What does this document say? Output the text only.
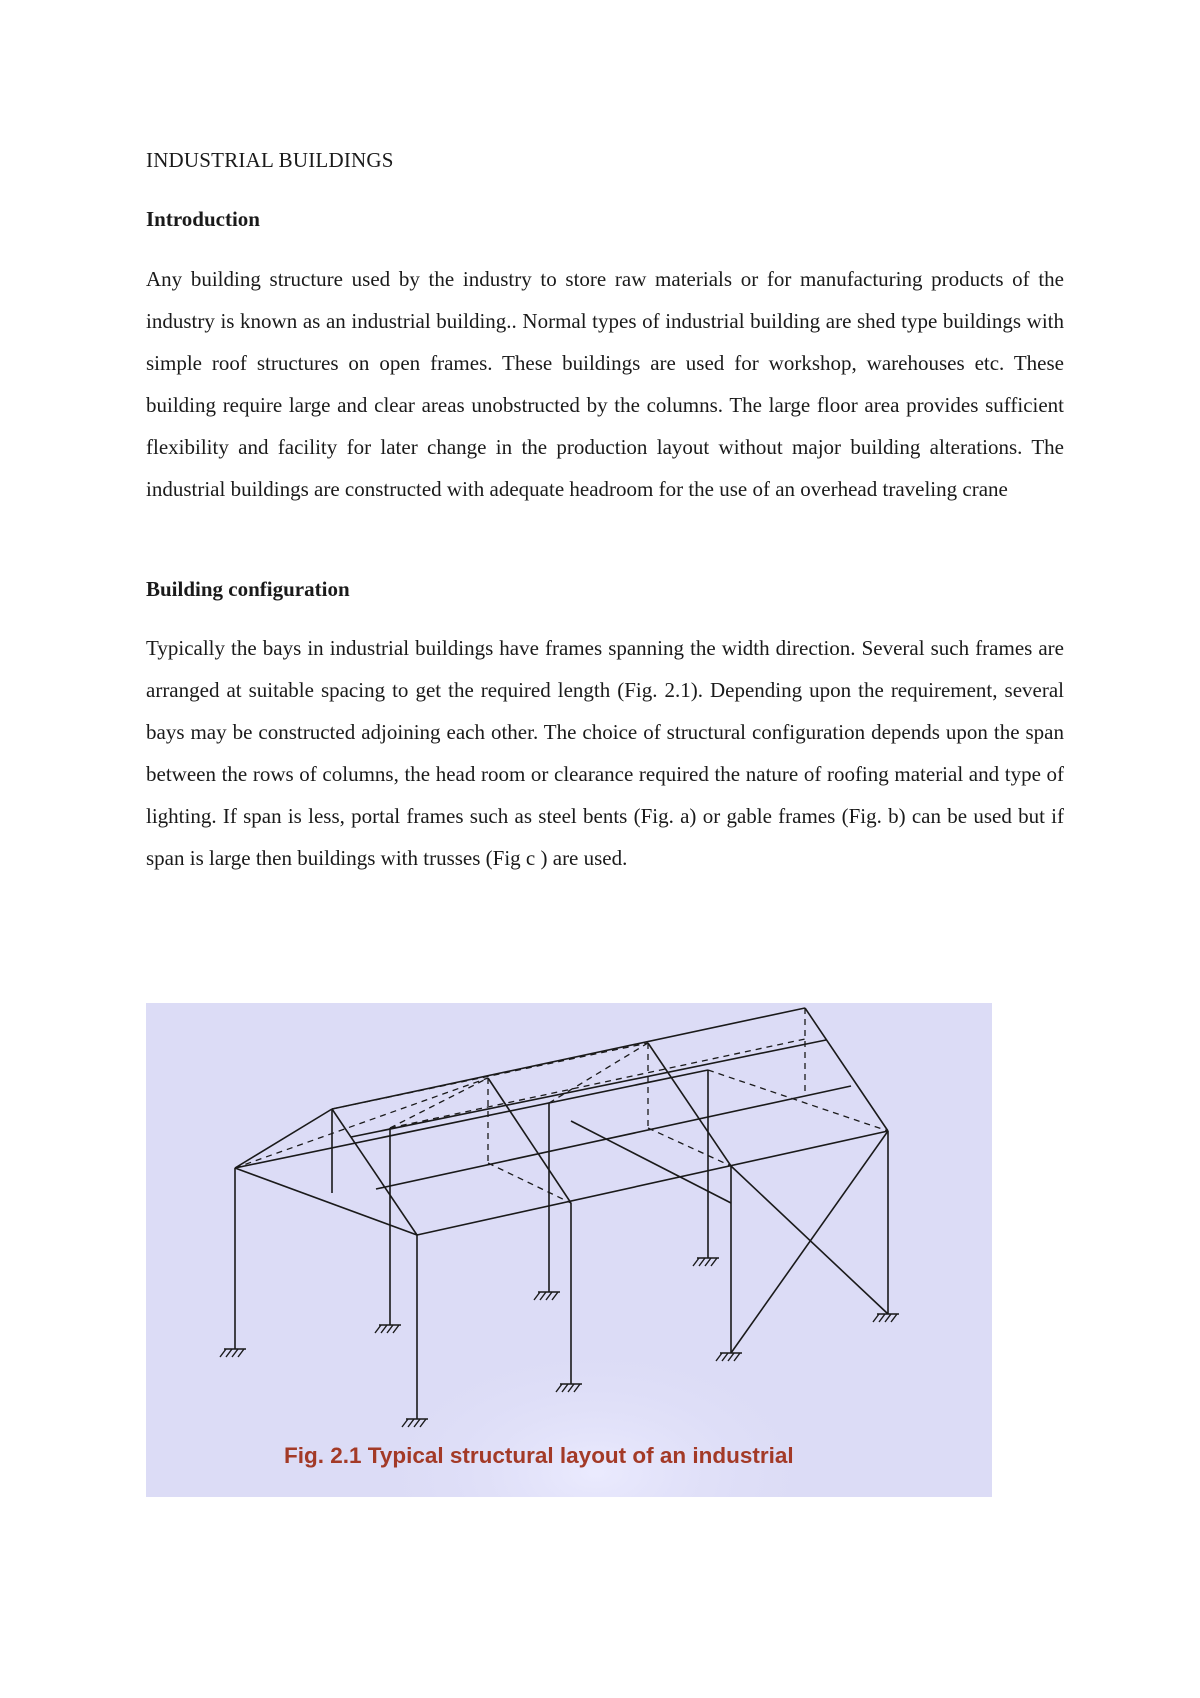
INDUSTRIAL BUILDINGS
Introduction

Any building structure used by the industry to store raw materials or for manufacturing products of the industry is known as an industrial building.. Normal types of industrial building are shed type buildings with simple roof structures on open frames. These buildings are used for workshop, warehouses etc. These building require large and clear areas unobstructed by the columns. The large floor area provides sufficient flexibility and facility for later change in the production layout without major building alterations. The industrial buildings are constructed with adequate headroom for the use of an overhead traveling crane

Building configuration

Typically the bays in industrial buildings have frames spanning the width direction. Several such frames are arranged at suitable spacing to get the required length (Fig. 2.1). Depending upon the requirement, several bays may be constructed adjoining each other. The choice of structural configuration depends upon the span between the rows of columns, the head room or clearance required the nature of roofing material and type of lighting. If span is less, portal frames such as steel bents (Fig. a) or gable frames (Fig. b) can be used but if span is large then buildings with trusses (Fig c ) are used.

Fig. 2.1 Typical structural layout of an industrial
